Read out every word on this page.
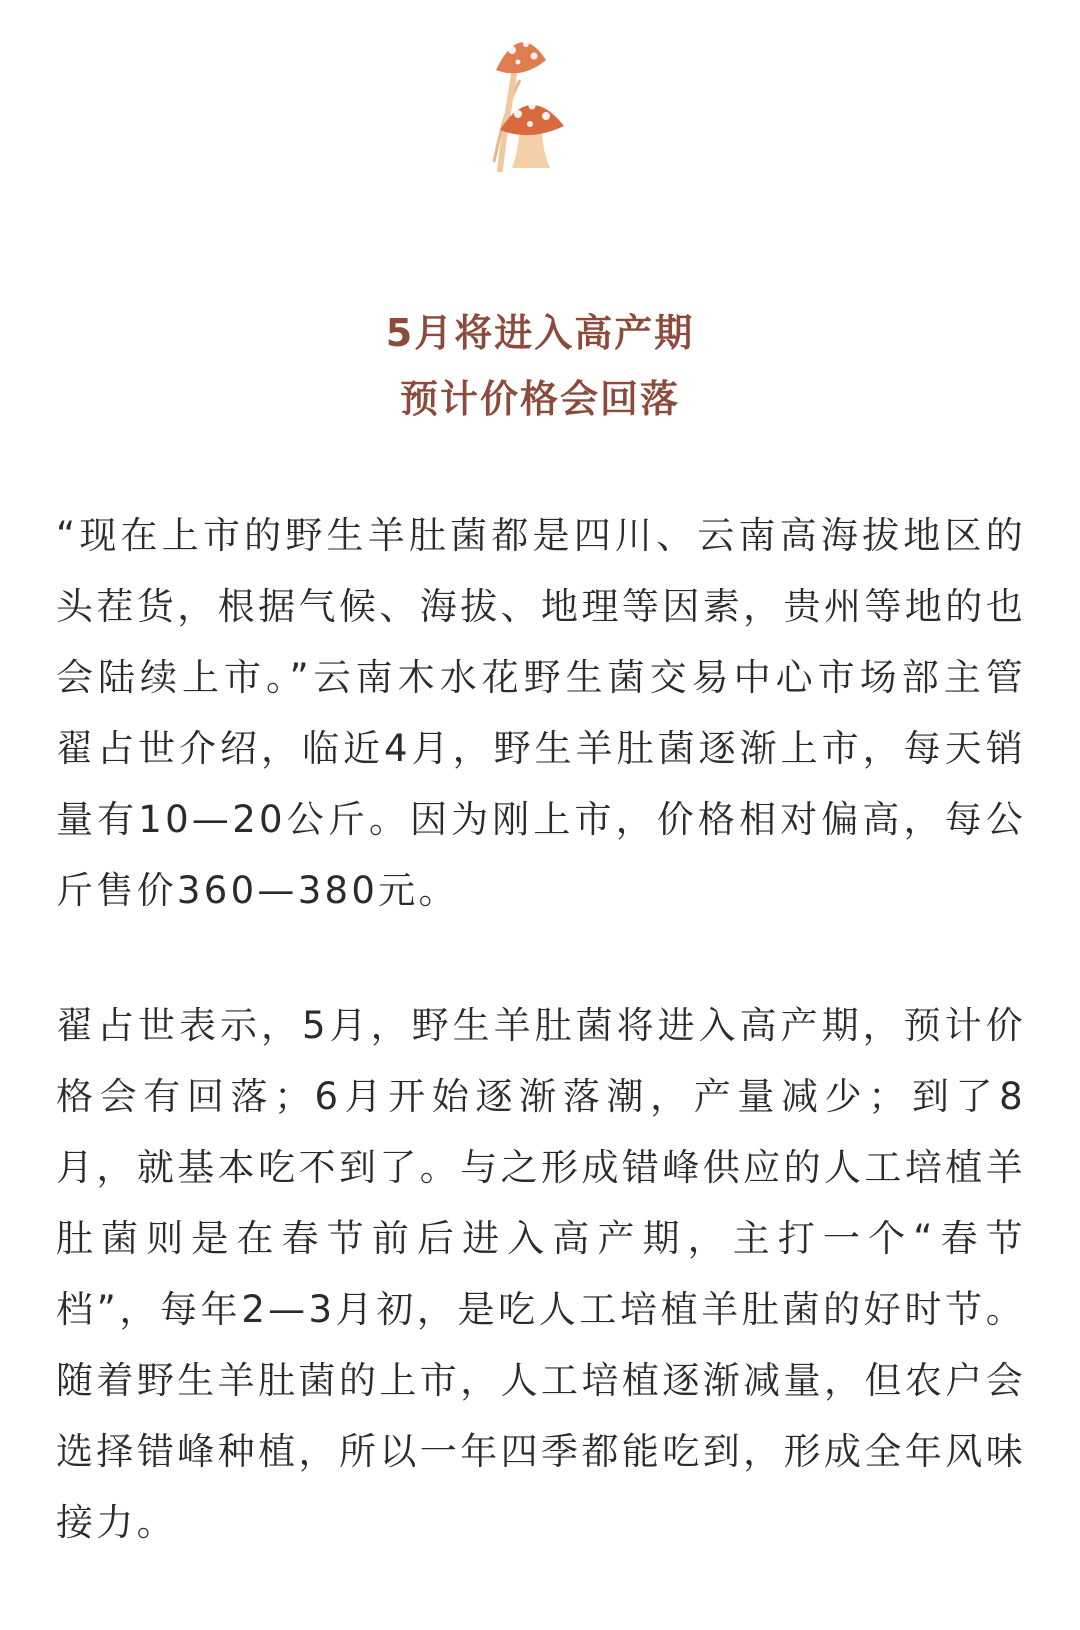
5月将进入高产期
预计价格会回落

“现在上市的野生羊肚菌都是四川、云南高海拔地区的头茬货，根据气候、海拔、地理等因素，贵州等地的也会陆续上市。”云南木水花野生菌交易中心市场部主管翟占世介绍，临近4月，野生羊肚菌逐渐上市，每天销量有10—20公斤。因为刚上市，价格相对偏高，每公斤售价360—380元。

翟占世表示，5月，野生羊肚菌将进入高产期，预计价格会有回落；6月开始逐渐落潮，产量减少；到了8月，就基本吃不到了。与之形成错峰供应的人工培植羊肚菌则是在春节前后进入高产期，主打一个“春节档”，每年2—3月初，是吃人工培植羊肚菌的好时节。随着野生羊肚菌的上市，人工培植逐渐减量，但农户会选择错峰种植，所以一年四季都能吃到，形成全年风味接力。
